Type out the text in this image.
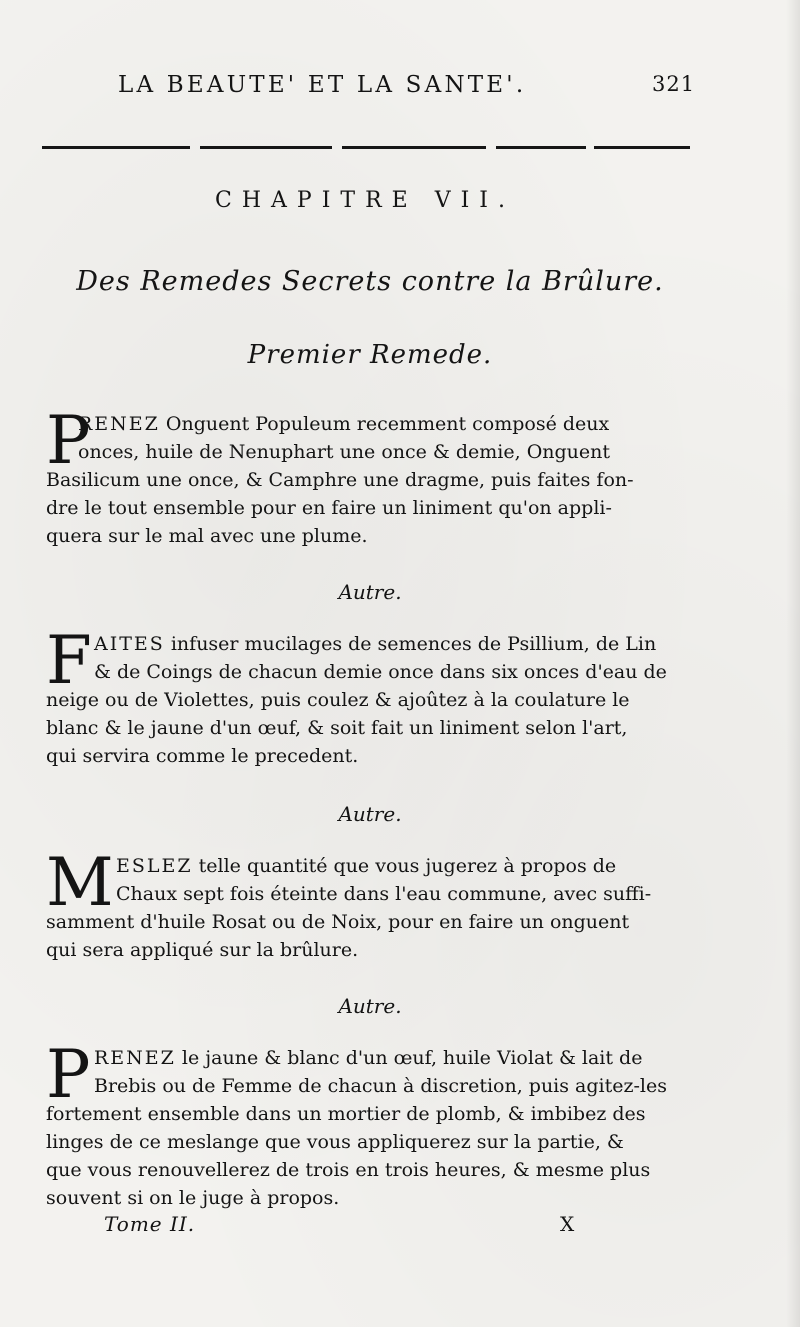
LA BEAUTE' ET LA SANTE'.	321
CHAPITRE VII.
Des Remedes Secrets contre la Brûlure.
Premier Remede.
P
RENEZ Onguent Populeum recemment composé deux
onces, huile de Nenuphart une once & demie, Onguent
Basilicum une once, & Camphre une dragme, puis faites fon-
dre le tout ensemble pour en faire un liniment qu'on appli-
quera sur le mal avec une plume.
Autre.
F AITES infuser mucilages de semences de Psillium, de Lin
& de Coings de chacun demie once dans six onces d'eau de
neige ou de Violettes, puis coulez & ajoûtez à la coulature le
blanc & le jaune d'un œuf, & soit fait un liniment selon l'art,
qui servira comme le precedent.
Autre.
M ESLEZ telle quantité que vous jugerez à propos de
Chaux sept fois éteinte dans l'eau commune, avec suffi-
samment d'huile Rosat ou de Noix, pour en faire un onguent
qui sera appliqué sur la brûlure.
Autre.
P RENEZ le jaune & blanc d'un œuf, huile Violat & lait de
Brebis ou de Femme de chacun à discretion, puis agitez-les
fortement ensemble dans un mortier de plomb, & imbibez des
linges de ce meslange que vous appliquerez sur la partie, &
que vous renouvellerez de trois en trois heures, & mesme plus
souvent si on le juge à propos.
Tome II.	X
